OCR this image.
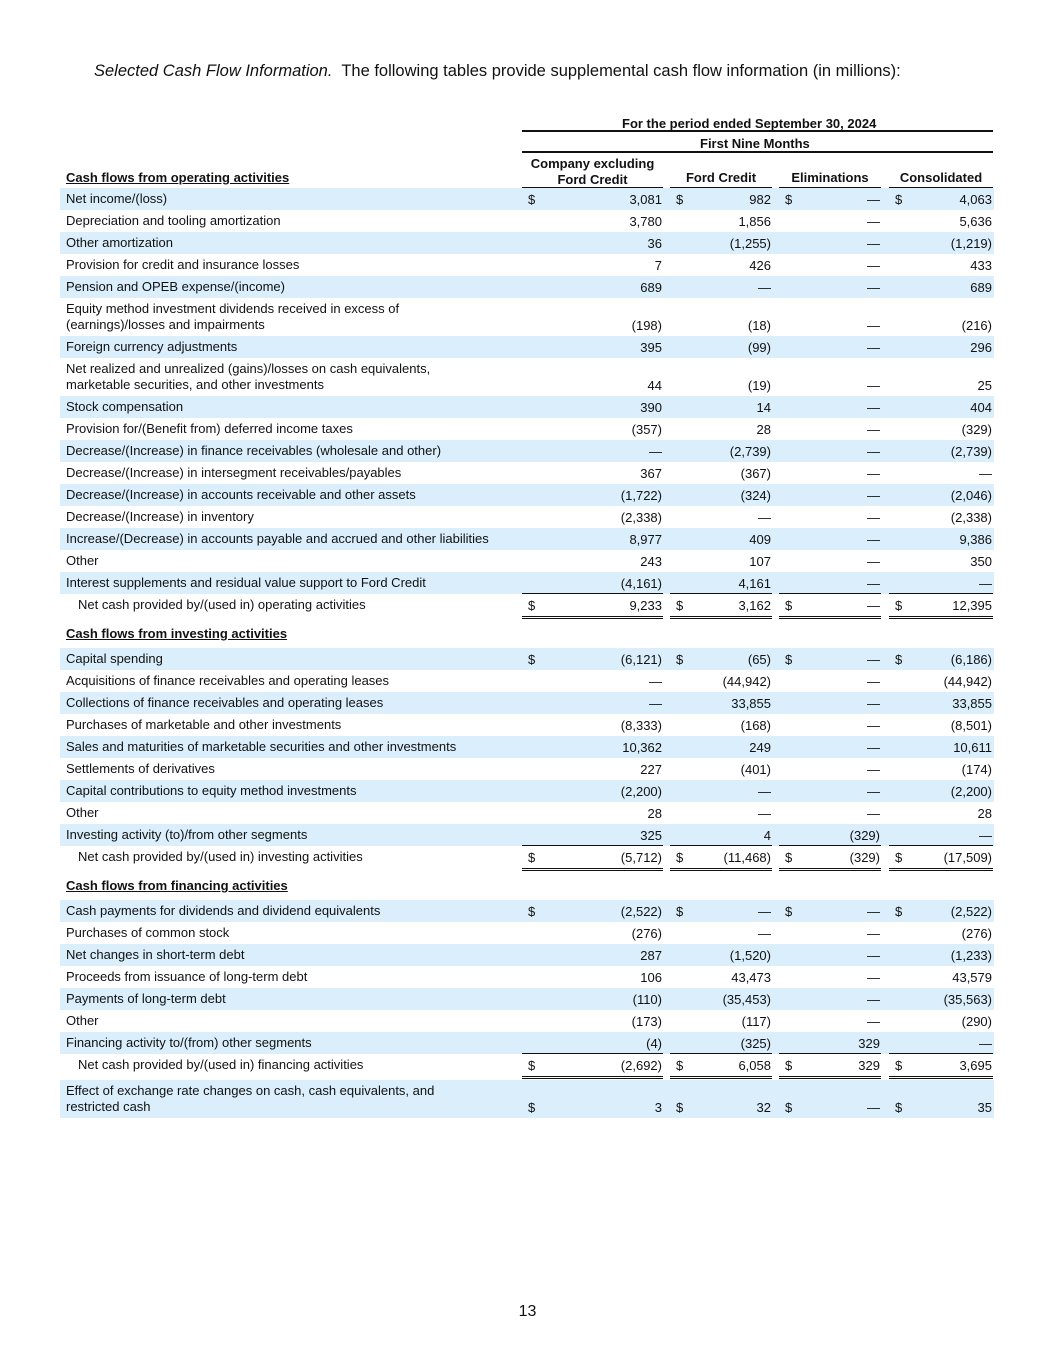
Selected Cash Flow Information.  The following tables provide supplemental cash flow information (in millions):
For the period ended September 30, 2024
First Nine Months
Company excluding
Ford Credit	Ford Credit	Eliminations	Consolidated
Cash flows from operating activities
Net income/(loss)	$	3,081 $	982 $	— $	4,063
Depreciation and tooling amortization	3,780	1,856	—	5,636
Other amortization	36	(1,255)	—	(1,219)
Provision for credit and insurance losses	7	426	—	433
Pension and OPEB expense/(income)	689	—	—	689
Equity method investment dividends received in excess of
(earnings)/losses and impairments	(198)	(18)	—	(216)
Foreign currency adjustments	395	(99)	—	296
Net realized and unrealized (gains)/losses on cash equivalents,
marketable securities, and other investments	44	(19)	—	25
Stock compensation	390	14	—	404
Provision for/(Benefit from) deferred income taxes	(357)	28	—	(329)
Decrease/(Increase) in finance receivables (wholesale and other)	—	(2,739)	—	(2,739)
Decrease/(Increase) in intersegment receivables/payables	367	(367)	—	—
Decrease/(Increase) in accounts receivable and other assets	(1,722)	(324)	—	(2,046)
Decrease/(Increase) in inventory	(2,338)	—	—	(2,338)
Increase/(Decrease) in accounts payable and accrued and other liabilities	8,977	409	—	9,386
Other	243	107	—	350
Interest supplements and residual value support to Ford Credit	(4,161)	4,161	—	—
Net cash provided by/(used in) operating activities	$	9,233 $	3,162 $	— $	12,395
Cash flows from investing activities
Capital spending	$	(6,121) $	(65) $	— $	(6,186)
Acquisitions of finance receivables and operating leases	—	(44,942)	—	(44,942)
Collections of finance receivables and operating leases	—	33,855	—	33,855
Purchases of marketable and other investments	(8,333)	(168)	—	(8,501)
Sales and maturities of marketable securities and other investments	10,362	249	—	10,611
Settlements of derivatives	227	(401)	—	(174)
Capital contributions to equity method investments	(2,200)	—	—	(2,200)
Other	28	—	—	28
Investing activity (to)/from other segments	325	4	(329)	—
Net cash provided by/(used in) investing activities	$	(5,712) $	(11,468) $	(329) $	(17,509)
Cash flows from financing activities
Cash payments for dividends and dividend equivalents	$	(2,522) $	— $	— $	(2,522)
Purchases of common stock	(276)	—	—	(276)
Net changes in short-term debt	287	(1,520)	—	(1,233)
Proceeds from issuance of long-term debt	106	43,473	—	43,579
Payments of long-term debt	(110)	(35,453)	—	(35,563)
Other	(173)	(117)	—	(290)
Financing activity to/(from) other segments	(4)	(325)	329	—
Net cash provided by/(used in) financing activities	$	(2,692) $	6,058 $	329 $	3,695
Effect of exchange rate changes on cash, cash equivalents, and
restricted cash	$	3 $	32 $	— $	35
13
